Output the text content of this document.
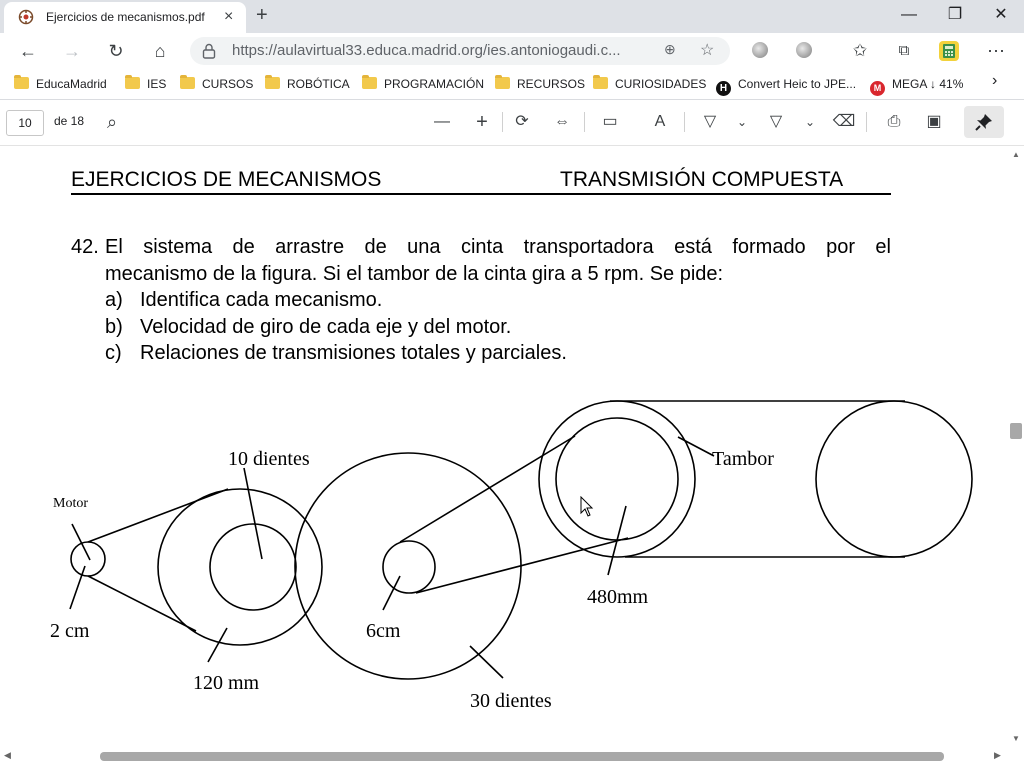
Ejercicios de mecanismos.pdf × +	—	❐	✕
← → ↻	⌂	https://aulavirtual33.educa.madrid.org/ies.antoniogaudi.c...	⊕ ☆	✩	⧉	⋯
EducaMadrid	IES	CURSOS	ROBÓTICA	PROGRAMACIÓN	RECURSOS	CURIOSIDADES	H Convert Heic to JPE...	M MEGA ↓ 41% ›
10	de 18	⌕	—	+	⟳	⇔ ▭	A	▽	⌄	▽	⌄	⌫	⎙	▣
EJERCICIOS DE MECANISMOS	TRANSMISIÓN COMPUESTA
42. El sistema de arrastre de una cinta transportadora está formado por el
mecanismo de la figura. Si el tambor de la cinta gira a 5 rpm. Se pide:
a) Identifica cada mecanismo.
b) Velocidad de giro de cada eje y del motor.
c) Relaciones de transmisiones totales y parciales.
Motor
2 cm
10 dientes
120 mm
6cm
30 dientes
Tambor
480mm
▲
▼
◀	▶
